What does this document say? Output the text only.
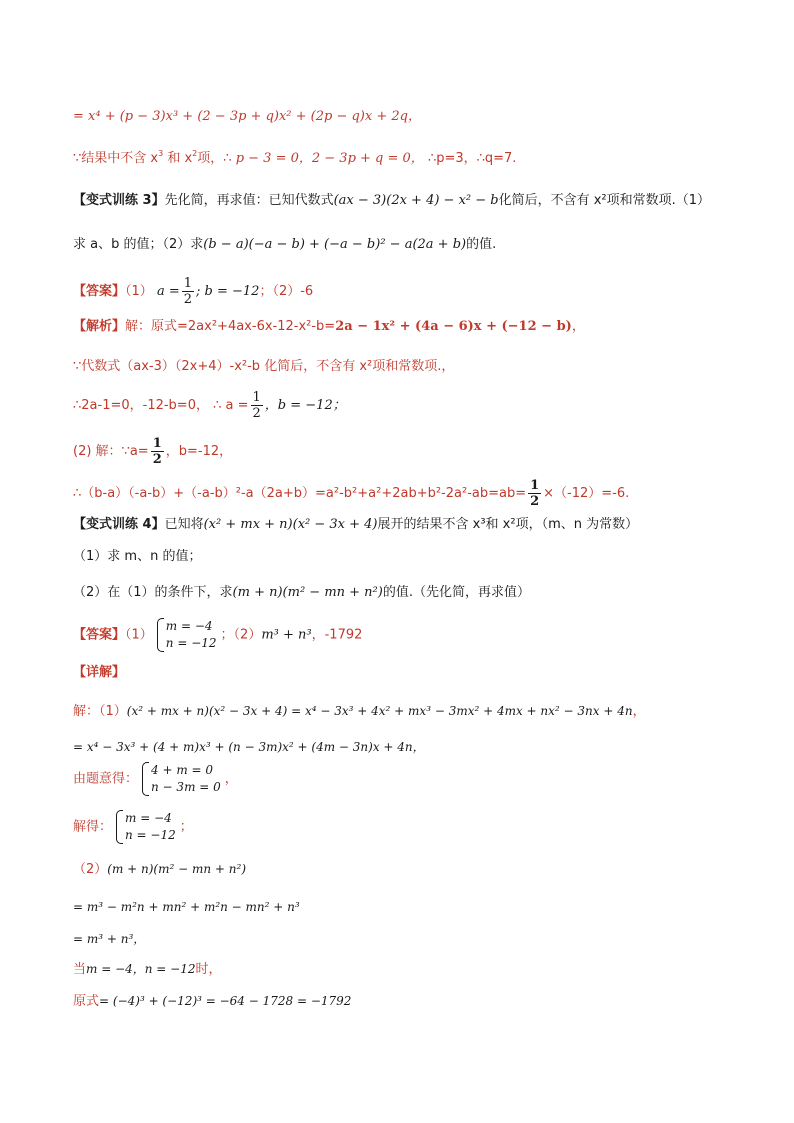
= x⁴ + (p − 3)x³ + (2 − 3p + q)x² + (2p − q)x + 2q，
∵结果中不含 $x^3$ 和 $x^2$项，∴ p − 3 = 0，2 − 3p + q = 0， ∴p=3，∴q=7.
【变式训练 3】先化简，再求值：已知代数式(ax − 3)(2x + 4) − x² − b化简后，不含有 x²项和常数项.（1）
求 a、b 的值；（2）求(b − a)(−a − b) + (−a − b)² − a(2a + b)的值.
【答案】（1） $a = \frac{1}{2}$ ; b = −12；（2）-6
【解析】解：原式=2ax²+4ax-6x-12-x²-b=2a − 1x² + (4a − 6)x + (−12 − b)，
∵代数式（ax-3）（2x+4）-x²-b 化简后，不含有 x²项和常数项.，
∴2a-1=0，-12-b=0， ∴ $a = \frac{1}{2}$ ，b = −12；
(2) 解：∵a= $\frac{1}{2}$ ，b=-12，
∴（b-a）（-a-b）+（-a-b）²-a（2a+b）=a²-b²+a²+2ab+b²-2a²-ab=ab= $\frac{1}{2} \times(-12)=-6$.
【变式训练 4】已知将(x² + mx + n)(x² − 3x + 4)展开的结果不含 x³和 x²项，（m、n 为常数）
（1）求 m、n 的值；
（2）在（1）的条件下，求(m + n)(m² − mn + n²)的值.（先化简，再求值）
【答案】（1）
m = −4
n = −12
；（2）m³ + n³，-1792
【详解】
解：（1）(x² + mx + n)(x² − 3x + 4) = x⁴ − 3x³ + 4x² + mx³ − 3mx² + 4mx + nx² − 3nx + 4n，
= x⁴ − 3x³ + (4 + m)x³ + (n − 3m)x² + (4m − 3n)x + 4n，
由题意得：
4 + m = 0
n − 3m = 0
，
解得：
m = −4
n = −12
；
（2）(m + n)(m² − mn + n²)
= m³ − m²n + mn² + m²n − mn² + n³
= m³ + n³，
当m = −4，n = −12时，
原式= (−4)³ + (−12)³ = −64 − 1728 = −1792
